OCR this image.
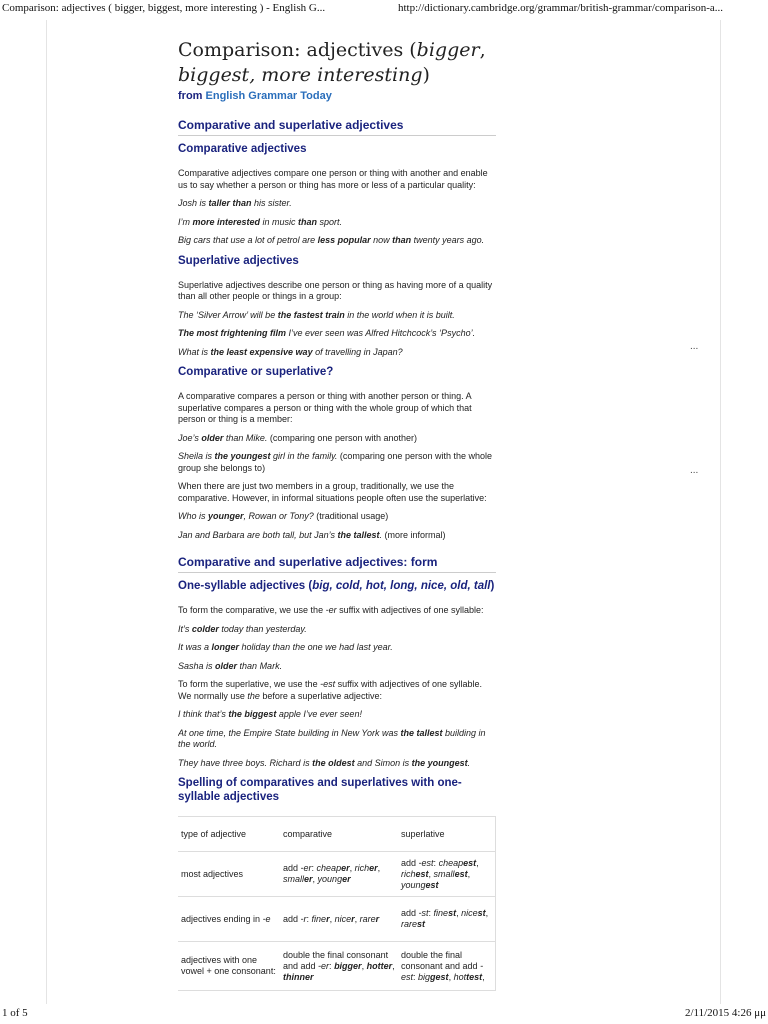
Comparison: adjectives ( bigger, biggest, more interesting ) - English G...	http://dictionary.cambridge.org/grammar/british-grammar/comparison-a...
...
...
Comparison: adjectives (bigger,
biggest, more interesting)
from English Grammar Today
Comparative and superlative adjectives
Comparative adjectives

Comparative adjectives compare one person or thing with another and enable us to say whether a person or thing has more or less of a particular quality:

Josh is taller than his sister.

I’m more interested in music than sport.

Big cars that use a lot of petrol are less popular now than twenty years ago.

Superlative adjectives

Superlative adjectives describe one person or thing as having more of a quality than all other people or things in a group:

The ‘Silver Arrow’ will be the fastest train in the world when it is built.

The most frightening film I’ve ever seen was Alfred Hitchcock’s ‘Psycho’.

What is the least expensive way of travelling in Japan?

Comparative or superlative?

A comparative compares a person or thing with another person or thing. A superlative compares a person or thing with the whole group of which that person or thing is a member:

Joe’s older than Mike. (comparing one person with another)

Sheila is the youngest girl in the family. (comparing one person with the whole group she belongs to)

When there are just two members in a group, traditionally, we use the comparative. However, in informal situations people often use the superlative:

Who is younger, Rowan or Tony? (traditional usage)

Jan and Barbara are both tall, but Jan’s the tallest. (more informal)

Comparative and superlative adjectives: form
One-syllable adjectives (big, cold, hot, long, nice, old, tall)

To form the comparative, we use the -er suffix with adjectives of one syllable:

It’s colder today than yesterday.

It was a longer holiday than the one we had last year.

Sasha is older than Mark.

To form the superlative, we use the -est suffix with adjectives of one syllable. We normally use the before a superlative adjective:

I think that’s the biggest apple I’ve ever seen!

At one time, the Empire State building in New York was the tallest building in the world.

They have three boys. Richard is the oldest and Simon is the youngest.

Spelling of comparatives and superlatives with one-syllable adjectives
type of adjective	comparative	superlative
most adjectives	add -er: cheaper, richer, smaller, younger	add -est: cheapest, richest, smallest, youngest
adjectives ending in -e	add -r: finer, nicer, rarer	add -st: finest, nicest, rarest
adjectives with one vowel + one consonant:	double the final consonant and add -er: bigger, hotter, thinner	double the final consonant and add -est: biggest, hottest,
1 of 5	2/11/2015 4:26 μμ
